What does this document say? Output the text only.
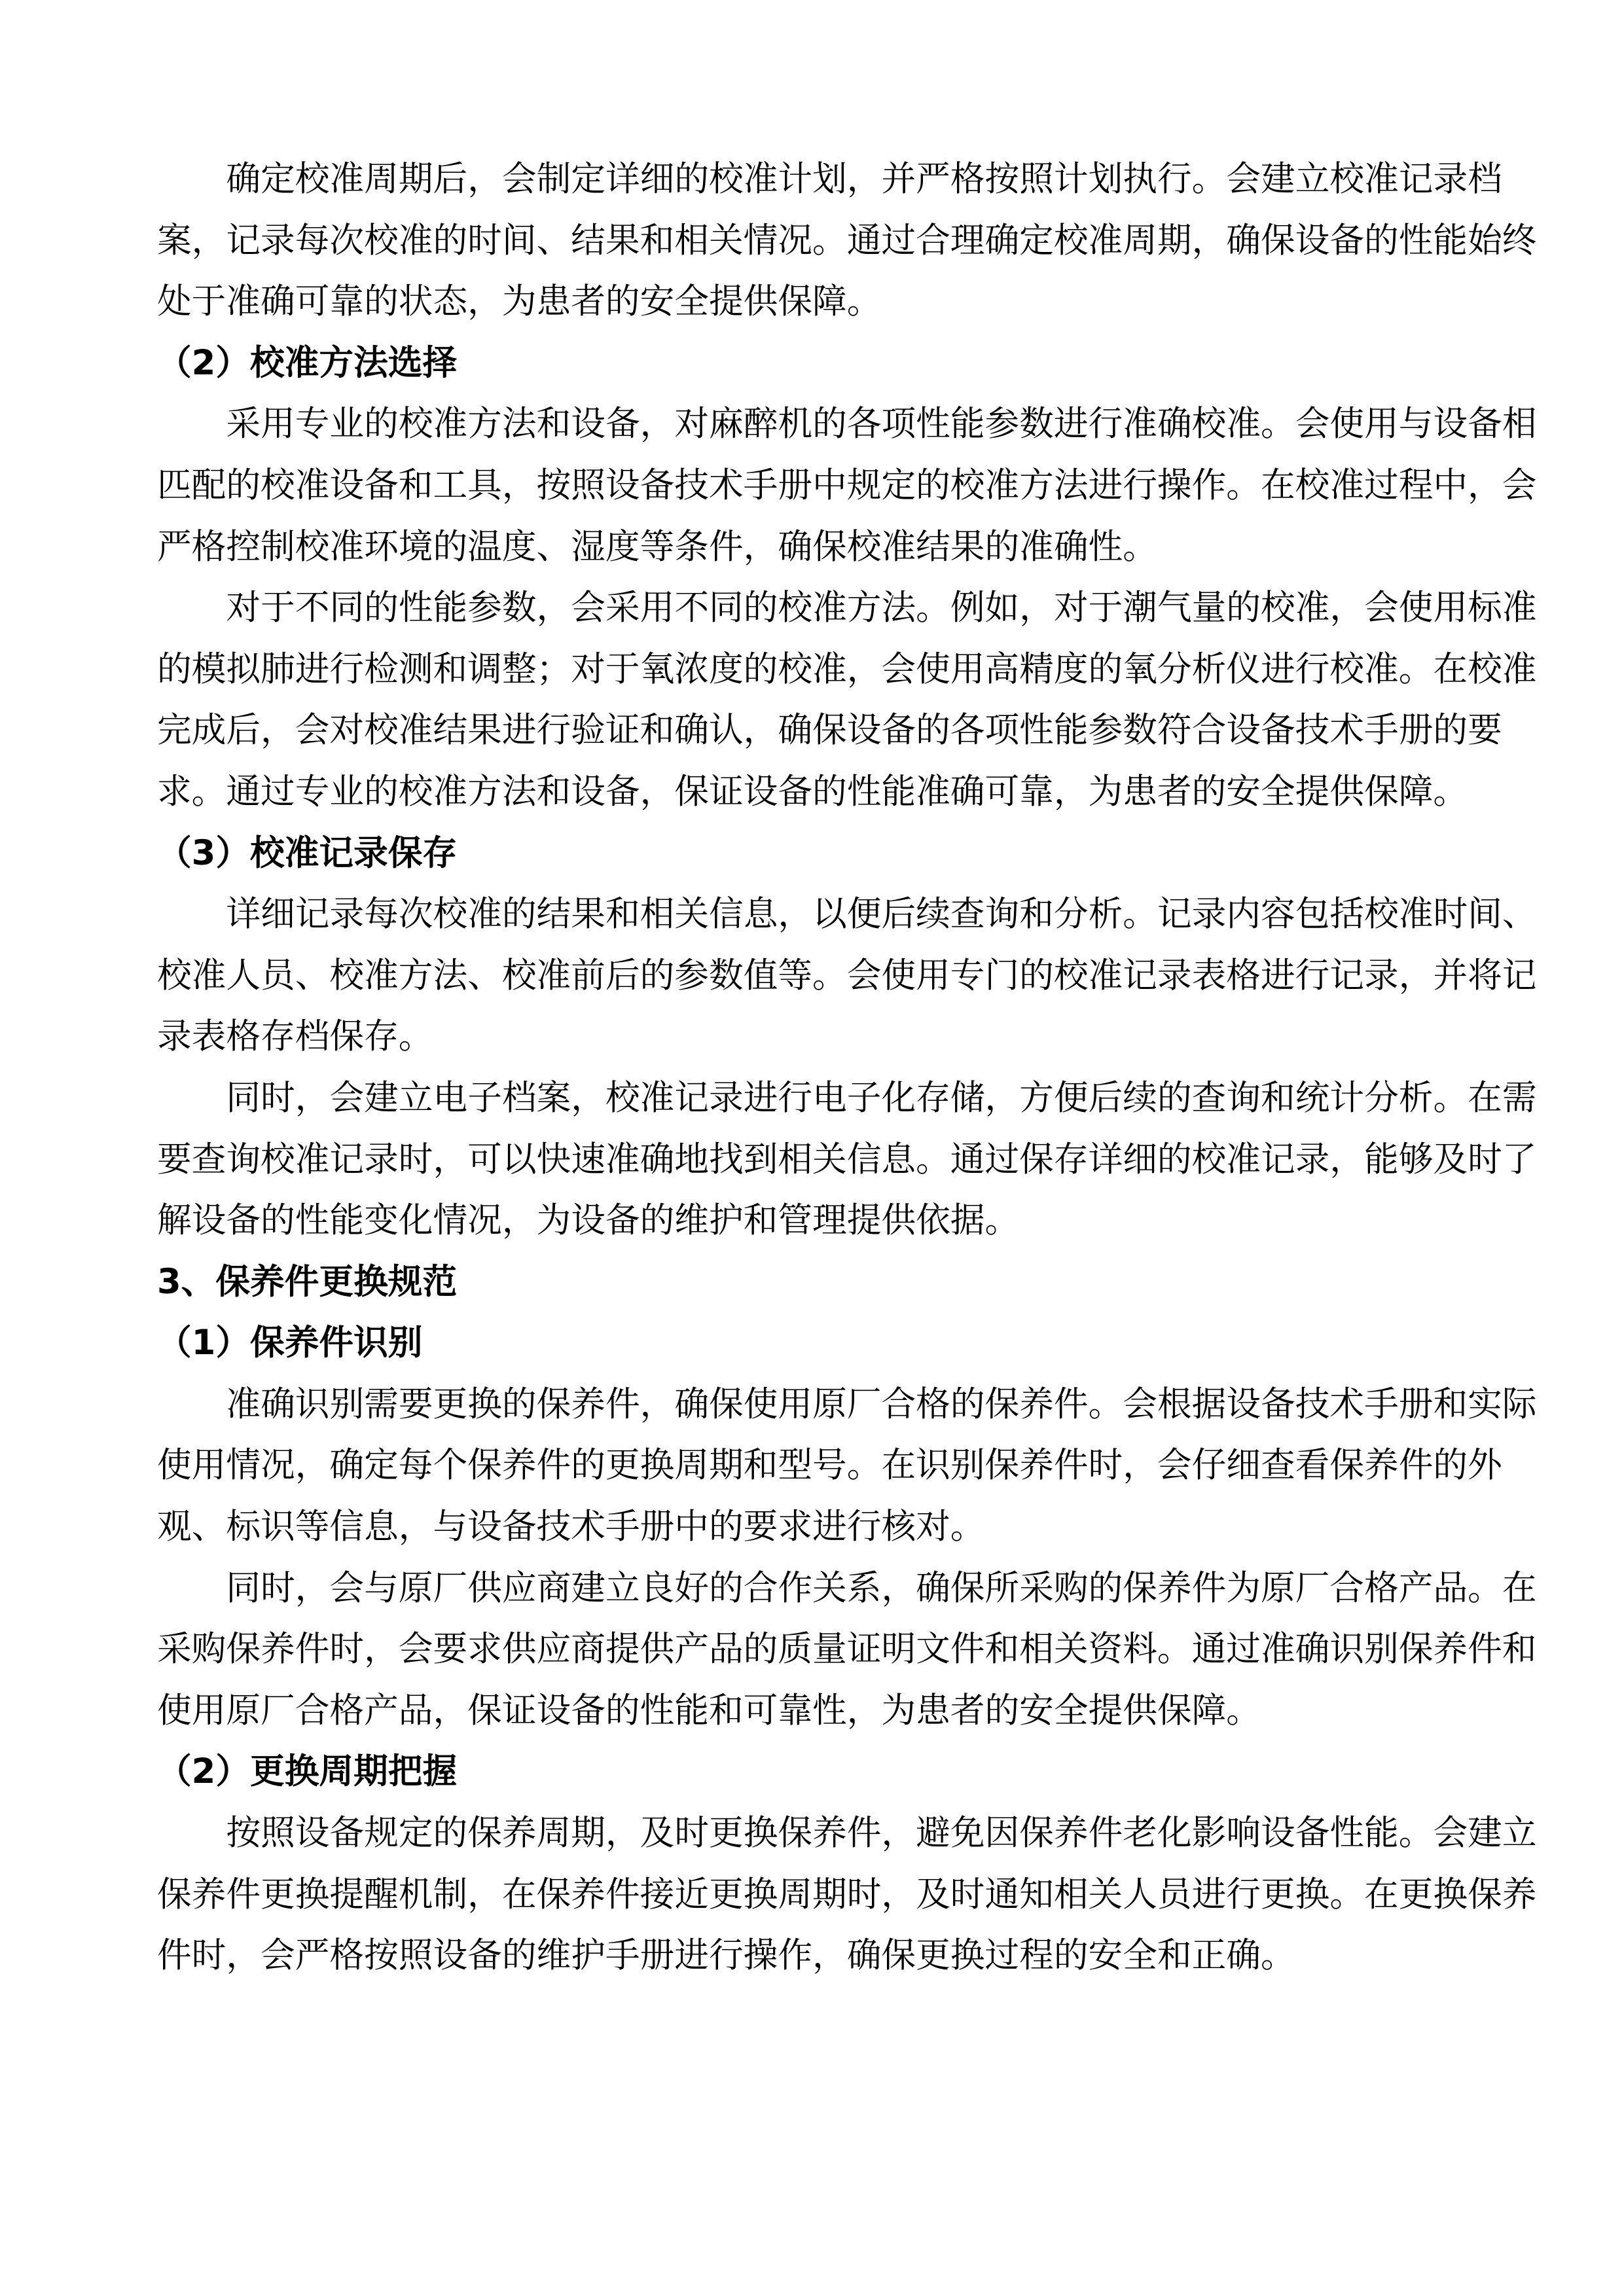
确定校准周期后，会制定详细的校准计划，并严格按照计划执行。会建立校准记录档
案，记录每次校准的时间、结果和相关情况。通过合理确定校准周期，确保设备的性能始终
处于准确可靠的状态，为患者的安全提供保障。
（2）校准方法选择
采用专业的校准方法和设备，对麻醉机的各项性能参数进行准确校准。会使用与设备相
匹配的校准设备和工具，按照设备技术手册中规定的校准方法进行操作。在校准过程中，会
严格控制校准环境的温度、湿度等条件，确保校准结果的准确性。
对于不同的性能参数，会采用不同的校准方法。例如，对于潮气量的校准，会使用标准
的模拟肺进行检测和调整；对于氧浓度的校准，会使用高精度的氧分析仪进行校准。在校准
完成后，会对校准结果进行验证和确认，确保设备的各项性能参数符合设备技术手册的要
求。通过专业的校准方法和设备，保证设备的性能准确可靠，为患者的安全提供保障。
（3）校准记录保存
详细记录每次校准的结果和相关信息，以便后续查询和分析。记录内容包括校准时间、
校准人员、校准方法、校准前后的参数值等。会使用专门的校准记录表格进行记录，并将记
录表格存档保存。
同时，会建立电子档案，校准记录进行电子化存储，方便后续的查询和统计分析。在需
要查询校准记录时，可以快速准确地找到相关信息。通过保存详细的校准记录，能够及时了
解设备的性能变化情况，为设备的维护和管理提供依据。
3、保养件更换规范
（1）保养件识别
准确识别需要更换的保养件，确保使用原厂合格的保养件。会根据设备技术手册和实际
使用情况，确定每个保养件的更换周期和型号。在识别保养件时，会仔细查看保养件的外
观、标识等信息，与设备技术手册中的要求进行核对。
同时，会与原厂供应商建立良好的合作关系，确保所采购的保养件为原厂合格产品。在
采购保养件时，会要求供应商提供产品的质量证明文件和相关资料。通过准确识别保养件和
使用原厂合格产品，保证设备的性能和可靠性，为患者的安全提供保障。
（2）更换周期把握
按照设备规定的保养周期，及时更换保养件，避免因保养件老化影响设备性能。会建立
保养件更换提醒机制，在保养件接近更换周期时，及时通知相关人员进行更换。在更换保养
件时，会严格按照设备的维护手册进行操作，确保更换过程的安全和正确。
